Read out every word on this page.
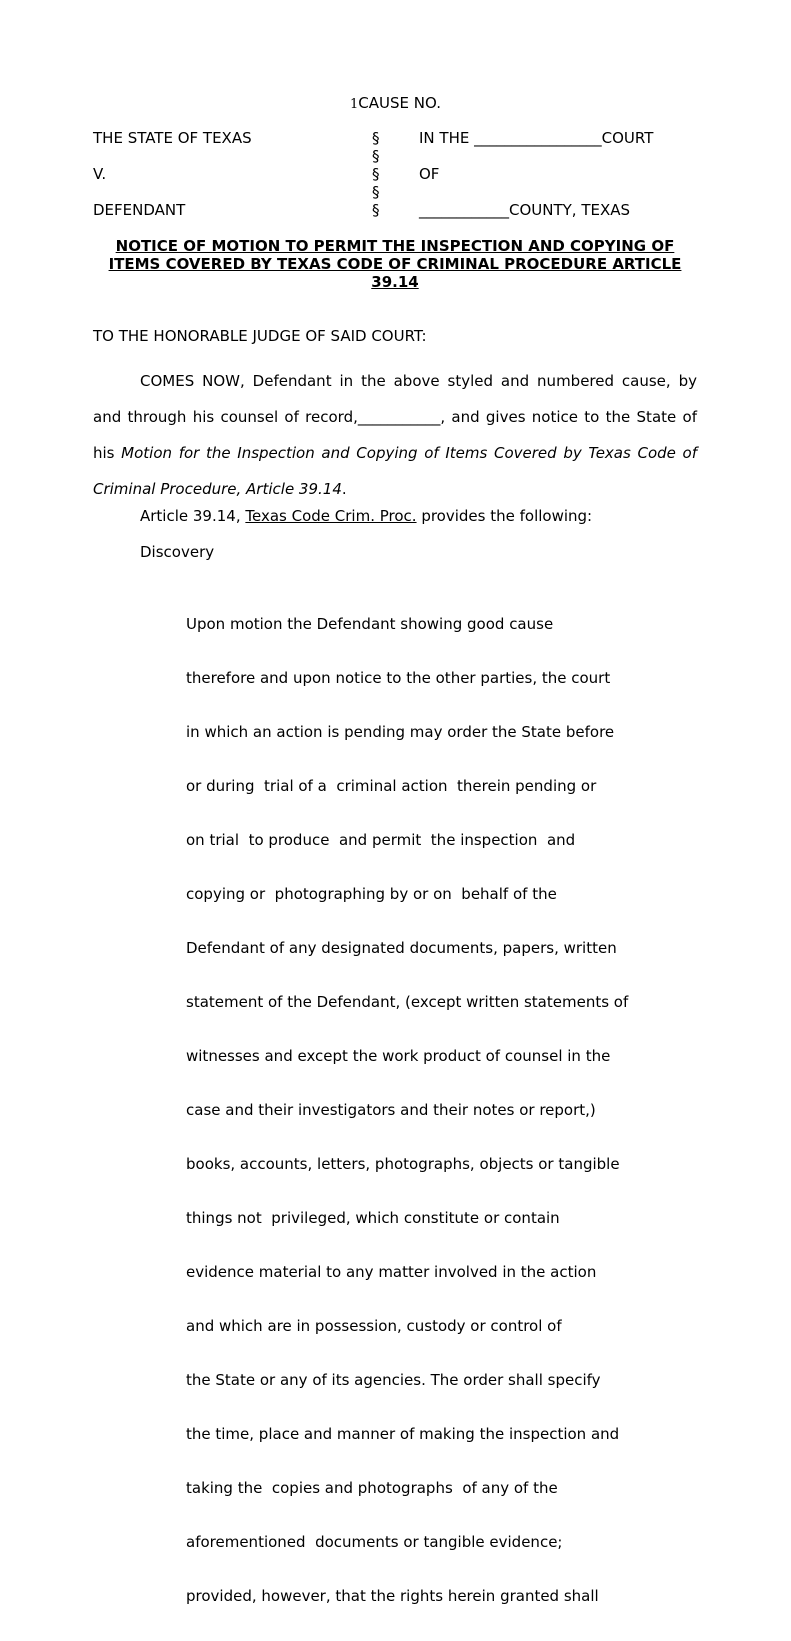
1CAUSE NO.
THE STATE OF TEXAS	§	IN THE _________________COURT
§
V.	§	OF
§
DEFENDANT	§	____________COUNTY, TEXAS
NOTICE OF MOTION TO PERMIT THE INSPECTION AND COPYING OF ITEMS COVERED BY TEXAS CODE OF CRIMINAL PROCEDURE ARTICLE 39.14
TO THE HONORABLE JUDGE OF SAID COURT:
COMES NOW, Defendant in the above styled and numbered cause, by and through his counsel of record,___________, and gives notice to the State of his Motion for the Inspection and Copying of Items Covered by Texas Code of Criminal Procedure, Article 39.14.
Article 39.14, Texas Code Crim. Proc. provides the following:
Discovery

Upon motion the Defendant showing good cause

therefore and upon notice to the other parties, the court

in which an action is pending may order the State before

or during  trial of a  criminal action  therein pending or

on trial  to produce  and permit  the inspection  and

copying or  photographing by or on  behalf of the

Defendant of any designated documents, papers, written

statement of the Defendant, (except written statements of

witnesses and except the work product of counsel in the

case and their investigators and their notes or report,)

books, accounts, letters, photographs, objects or tangible

things not  privileged, which constitute or contain

evidence material to any matter involved in the action

and which are in possession, custody or control of

the State or any of its agencies. The order shall specify

the time, place and manner of making the inspection and

taking the  copies and photographs  of any of the

aforementioned  documents or tangible evidence;

provided, however, that the rights herein granted shall
